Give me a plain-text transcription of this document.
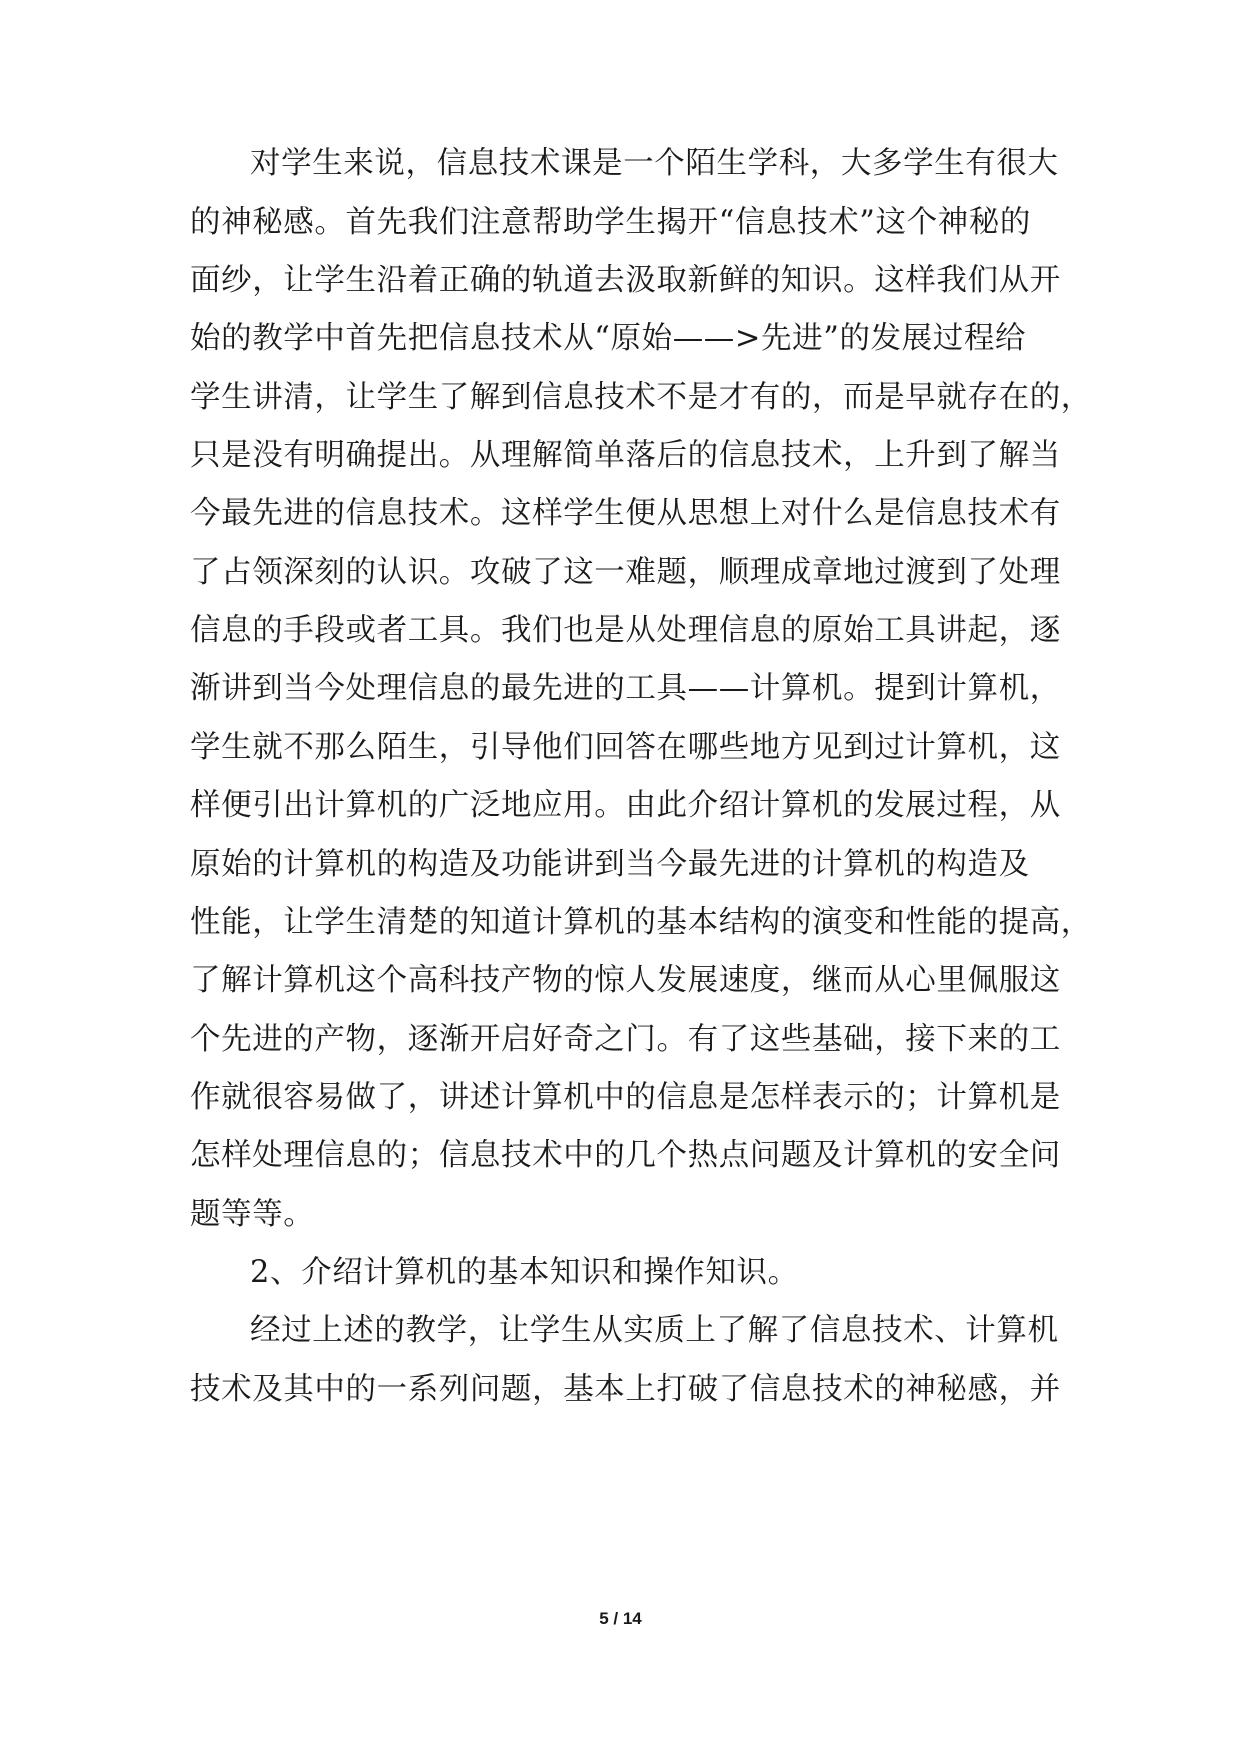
对学生来说，信息技术课是一个陌生学科，大多学生有很大
的神秘感。首先我们注意帮助学生揭开“信息技术”这个神秘的
面纱，让学生沿着正确的轨道去汲取新鲜的知识。这样我们从开
始的教学中首先把信息技术从“原始——>先进”的发展过程给
学生讲清，让学生了解到信息技术不是才有的，而是早就存在的，
只是没有明确提出。从理解简单落后的信息技术，上升到了解当
今最先进的信息技术。这样学生便从思想上对什么是信息技术有
了占领深刻的认识。攻破了这一难题，顺理成章地过渡到了处理
信息的手段或者工具。我们也是从处理信息的原始工具讲起，逐
渐讲到当今处理信息的最先进的工具——计算机。提到计算机，
学生就不那么陌生，引导他们回答在哪些地方见到过计算机，这
样便引出计算机的广泛地应用。由此介绍计算机的发展过程，从
原始的计算机的构造及功能讲到当今最先进的计算机的构造及
性能，让学生清楚的知道计算机的基本结构的演变和性能的提高，
了解计算机这个高科技产物的惊人发展速度，继而从心里佩服这
个先进的产物，逐渐开启好奇之门。有了这些基础，接下来的工
作就很容易做了，讲述计算机中的信息是怎样表示的；计算机是
怎样处理信息的；信息技术中的几个热点问题及计算机的安全问
题等等。
2、介绍计算机的基本知识和操作知识。
经过上述的教学，让学生从实质上了解了信息技术、计算机
技术及其中的一系列问题，基本上打破了信息技术的神秘感，并
5 / 14
